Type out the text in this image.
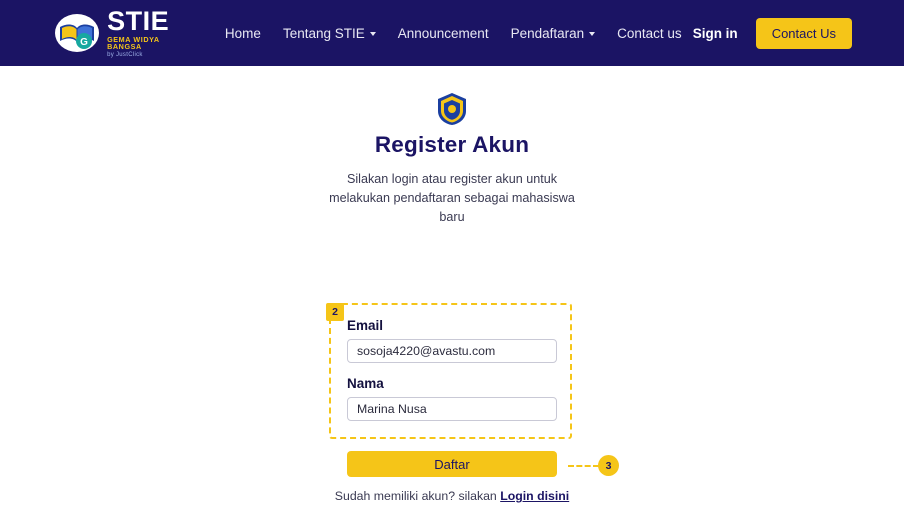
G
STIE
GEMA WIDYA BANGSA
by JustClick
Home Tentang STIE Announcement Pendaftaran Contact us Sign in	Contact Us
Register Akun

Silakan login atau register akun untuk melakukan pendaftaran sebagai mahasiswa baru

2
Email
sosoja4220@avastu.com
Nama
Marina Nusa
Daftar	3
Sudah memiliki akun? silakan Login disini
